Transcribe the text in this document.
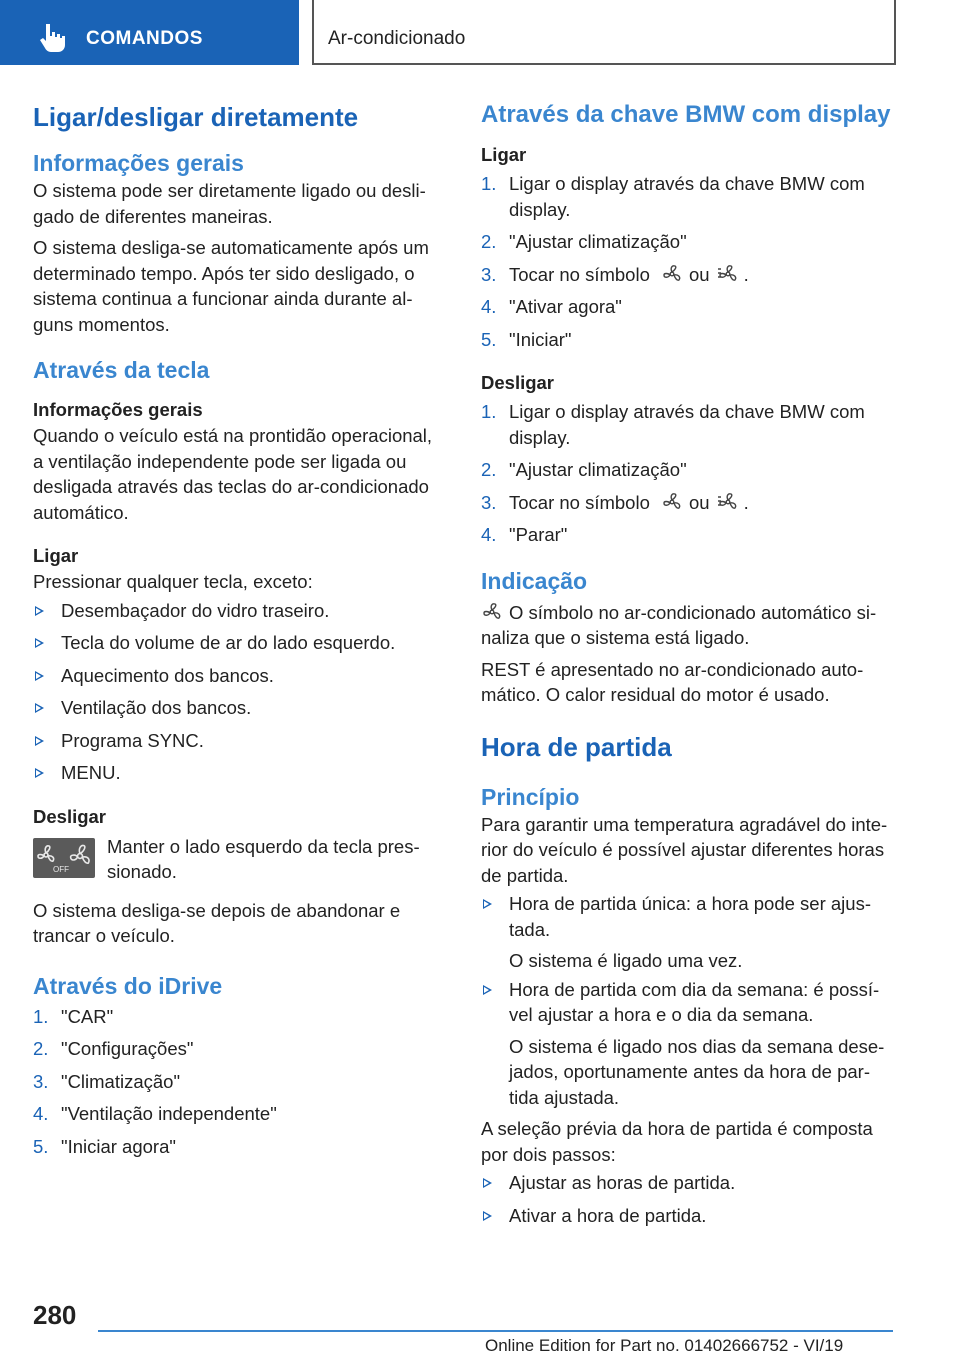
COMANDOS	Ar-condicionado
Ligar/desligar diretamente
Informações gerais

O sistema pode ser diretamente ligado ou desli-gado de diferentes maneiras.

O sistema desliga-se automaticamente após um determinado tempo. Após ter sido desligado, o sistema continua a funcionar ainda durante al-guns momentos.

Através da tecla
Informações gerais

Quando o veículo está na prontidão operacional, a ventilação independente pode ser ligada ou desligada através das teclas do ar-condicionado automático.

Ligar

Pressionar qualquer tecla, exceto:

Desembaçador do vidro traseiro.
Tecla do volume de ar do lado esquerdo.
Aquecimento dos bancos.
Ventilação dos bancos.
Programa SYNC.
MENU.
Desligar
OFF

Manter o lado esquerdo da tecla pres-sionado.

O sistema desliga-se depois de abandonar e trancar o veículo.

Através do iDrive
1. "CAR"
2. "Configurações"
3. "Climatização"
4. "Ventilação independente"
5. "Iniciar agora"
Através da chave BMW com display
Ligar
1. Ligar o display através da chave BMW com display.
2. "Ajustar climatização"
3. Tocar no símbolo ou .
4. "Ativar agora"
5. "Iniciar"
Desligar
1. Ligar o display através da chave BMW com display.
2. "Ajustar climatização"
3. Tocar no símbolo ou .
4. "Parar"
Indicação

O símbolo no ar-condicionado automático si-naliza que o sistema está ligado.

REST é apresentado no ar-condicionado auto-mático. O calor residual do motor é usado.

Hora de partida
Princípio

Para garantir uma temperatura agradável do inte-rior do veículo é possível ajustar diferentes horas de partida.

Hora de partida única: a hora pode ser ajus-tada.
O sistema é ligado uma vez.
Hora de partida com dia da semana: é possí-vel ajustar a hora e o dia da semana.
O sistema é ligado nos dias da semana dese-jados, oportunamente antes da hora de par-tida ajustada.

A seleção prévia da hora de partida é composta por dois passos:

Ajustar as horas de partida.
Ativar a hora de partida.
280
Online Edition for Part no. 01402666752 - VI/19
